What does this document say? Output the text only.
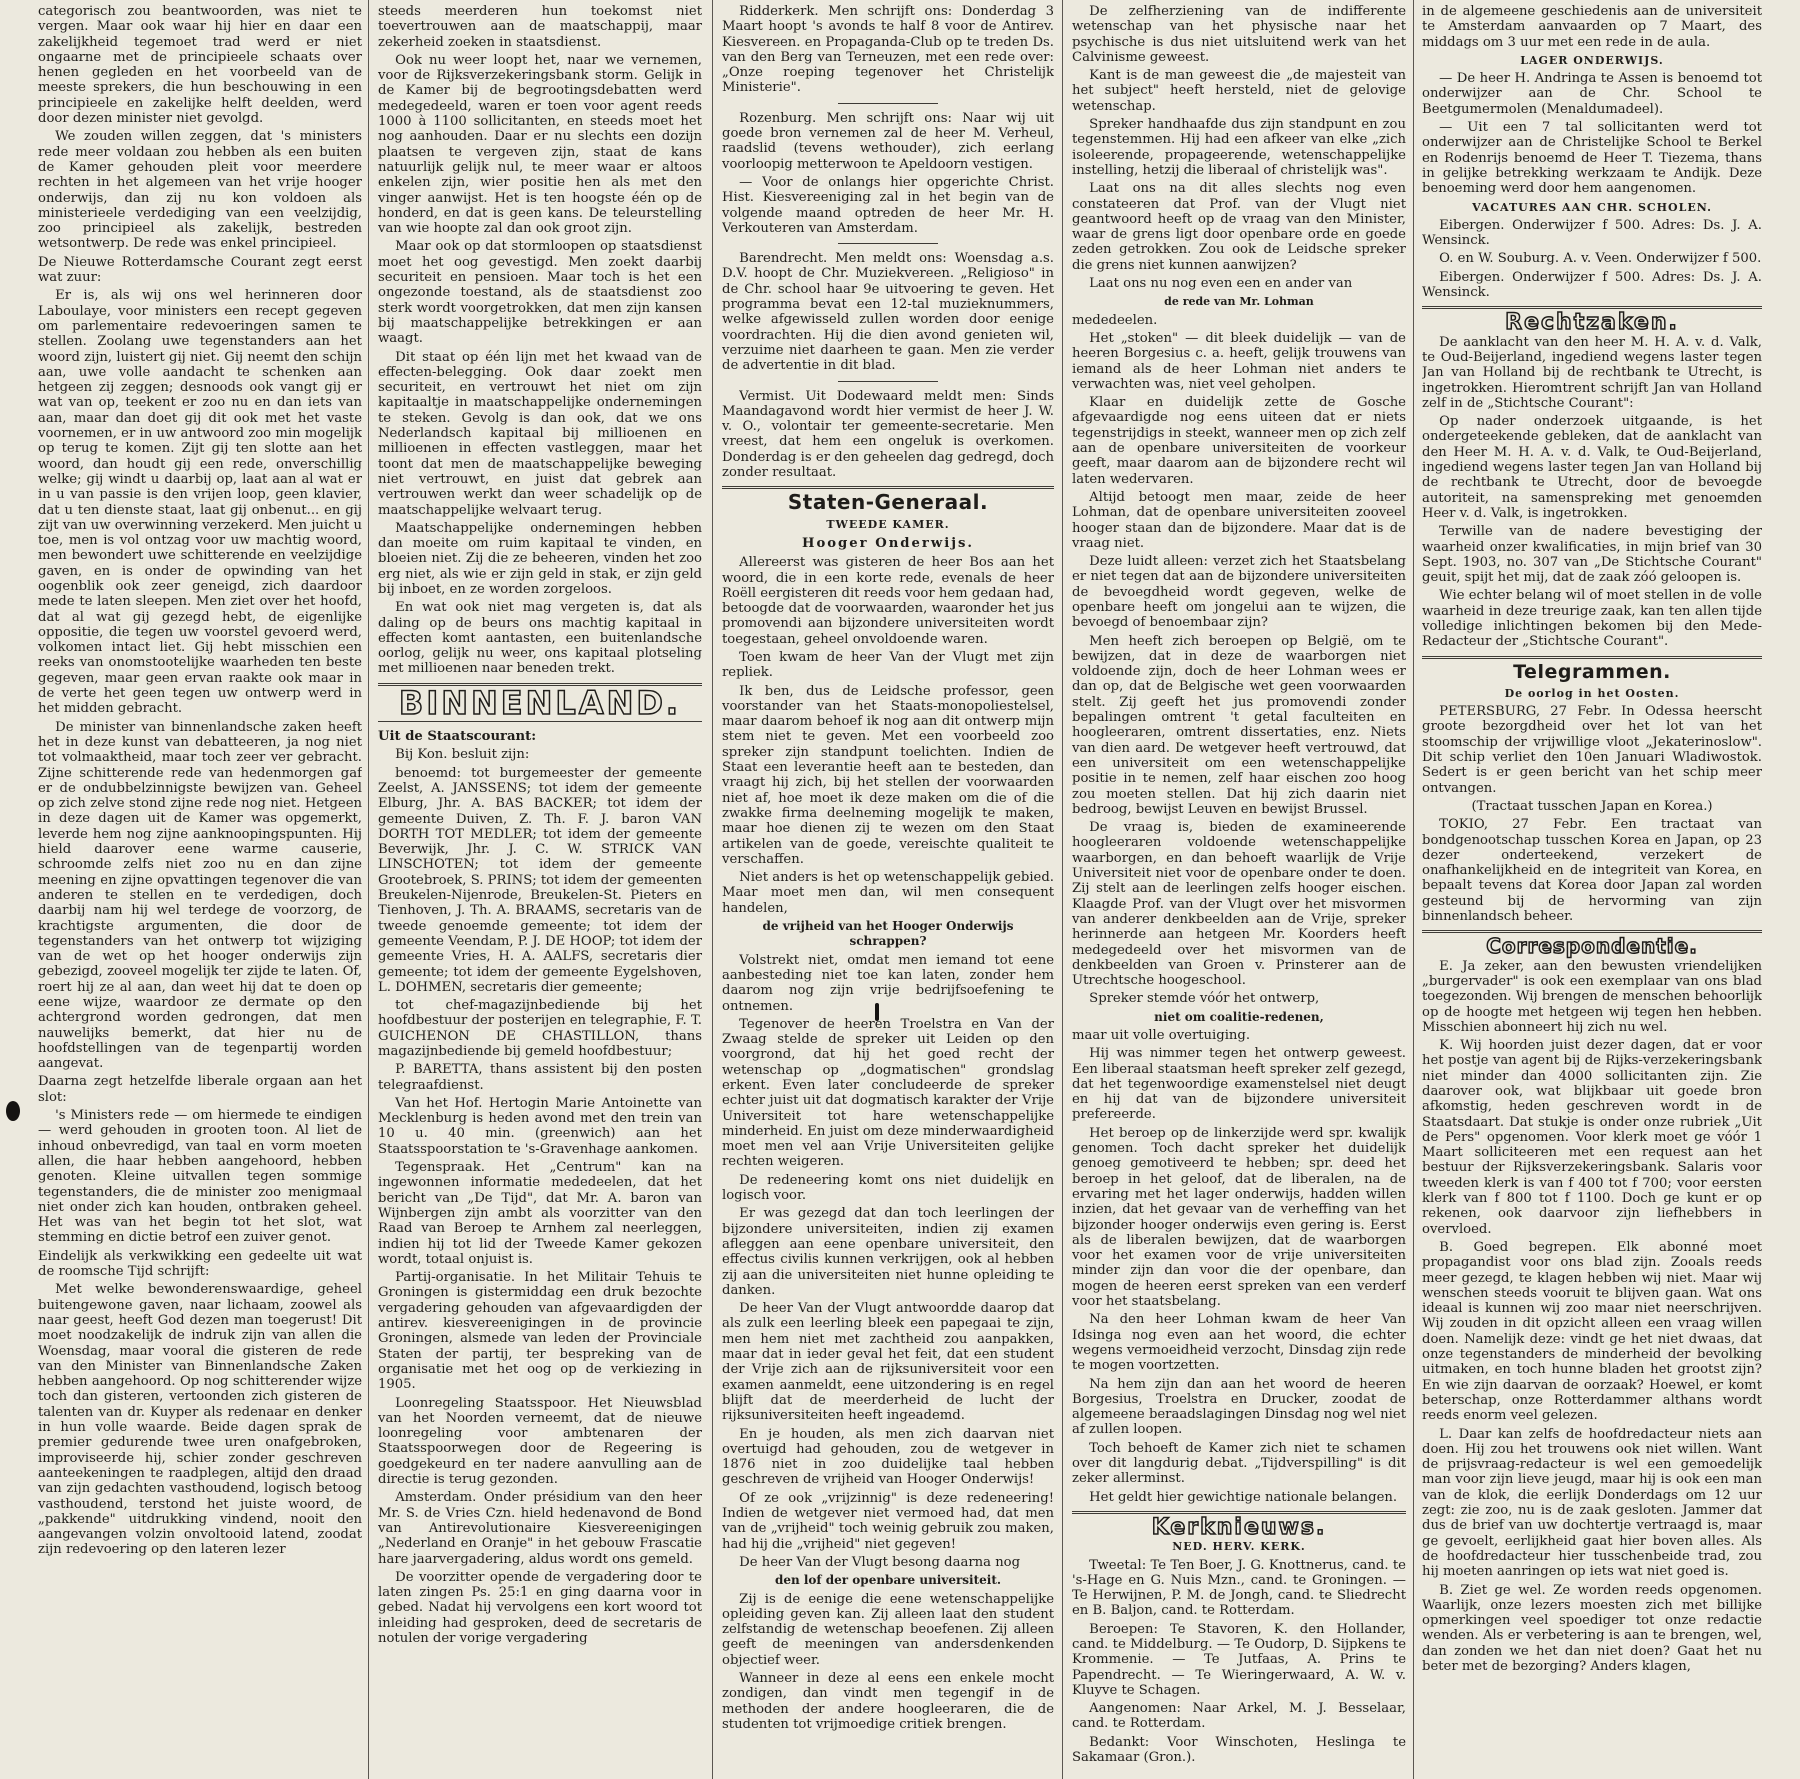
categorisch zou beantwoorden, was niet te vergen. Maar ook waar hij hier en daar een zakelijkheid tegemoet trad werd er niet ongaarne met de principieele schaats over henen gegleden en het voorbeeld van de meeste sprekers, die hun beschouwing in een principieele en zakelijke helft deelden, werd door dezen minister niet gevolgd.

We zouden willen zeggen, dat 's ministers rede meer voldaan zou hebben als een buiten de Kamer gehouden pleit voor meerdere rechten in het algemeen van het vrije hooger onderwijs, dan zij nu kon voldoen als ministerieele verdediging van een veelzijdig, zoo principieel als zakelijk, bestreden wetsontwerp. De rede was enkel principieel.

De Nieuwe Rotterdamsche Courant zegt eerst wat zuur:

Er is, als wij ons wel herinneren door Laboulaye, voor ministers een recept gegeven om parlementaire redevoeringen samen te stellen. Zoolang uwe tegenstanders aan het woord zijn, luistert gij niet. Gij neemt den schijn aan, uwe volle aandacht te schenken aan hetgeen zij zeggen; desnoods ook vangt gij er wat van op, teekent er zoo nu en dan iets van aan, maar dan doet gij dit ook met het vaste voornemen, er in uw antwoord zoo min mogelijk op terug te komen. Zijt gij ten slotte aan het woord, dan houdt gij een rede, onverschillig welke; gij windt u daarbij op, laat aan al wat er in u van passie is den vrijen loop, geen klavier, dat u ten dienste staat, laat gij onbenut... en gij zijt van uw overwinning verzekerd. Men juicht u toe, men is vol ontzag voor uw machtig woord, men bewondert uwe schitterende en veelzijdige gaven, en is onder de opwinding van het oogenblik ook zeer geneigd, zich daardoor mede te laten sleepen. Men ziet over het hoofd, dat al wat gij gezegd hebt, de eigenlijke oppositie, die tegen uw voorstel gevoerd werd, volkomen intact liet. Gij hebt misschien een reeks van onomstootelijke waarheden ten beste gegeven, maar geen ervan raakte ook maar in de verte het geen tegen uw ontwerp werd in het midden gebracht.

De minister van binnenlandsche zaken heeft het in deze kunst van debatteeren, ja nog niet tot volmaaktheid, maar toch zeer ver gebracht. Zijne schitterende rede van hedenmorgen gaf er de ondubbelzinnigste bewijzen van. Geheel op zich zelve stond zijne rede nog niet. Hetgeen in deze dagen uit de Kamer was opgemerkt, leverde hem nog zijne aanknoopingspunten. Hij hield daarover eene warme causerie, schroomde zelfs niet zoo nu en dan zijne meening en zijne opvattingen tegenover die van anderen te stellen en te verdedigen, doch daarbij nam hij wel terdege de voorzorg, de krachtigste argumenten, die door de tegenstanders van het ontwerp tot wijziging van de wet op het hooger onderwijs zijn gebezigd, zooveel mogelijk ter zijde te laten. Of, roert hij ze al aan, dan weet hij dat te doen op eene wijze, waardoor ze dermate op den achtergrond worden gedrongen, dat men nauwelijks bemerkt, dat hier nu de hoofdstellingen van de tegenpartij worden aangevat.

Daarna zegt hetzelfde liberale orgaan aan het slot:

's Ministers rede — om hiermede te eindigen — werd gehouden in grooten toon. Al liet de inhoud onbevredigd, van taal en vorm moeten allen, die haar hebben aangehoord, hebben genoten. Kleine uitvallen tegen sommige tegenstanders, die de minister zoo menigmaal niet onder zich kan houden, ontbraken geheel. Het was van het begin tot het slot, wat stemming en dictie betrof een zuiver genot.

Eindelijk als verkwikking een gedeelte uit wat de roomsche Tijd schrijft:

Met welke bewonderenswaardige, geheel buitengewone gaven, naar lichaam, zoowel als naar geest, heeft God dezen man toegerust! Dit moet noodzakelijk de indruk zijn van allen die Woensdag, maar vooral die gisteren de rede van den Minister van Binnenlandsche Zaken hebben aangehoord. Op nog schitterender wijze toch dan gisteren, vertoonden zich gisteren de talenten van dr. Kuyper als redenaar en denker in hun volle waarde. Beide dagen sprak de premier gedurende twee uren onafgebroken, improviseerde hij, schier zonder geschreven aanteekeningen te raadplegen, altijd den draad van zijn gedachten vasthoudend, logisch betoog vasthoudend, terstond het juiste woord, de „pakkende" uitdrukking vindend, nooit den aangevangen volzin onvoltooid latend, zoodat zijn redevoering op den lateren lezer

steeds meerderen hun toekomst niet toevertrouwen aan de maatschappij, maar zekerheid zoeken in staatsdienst.

Ook nu weer loopt het, naar we vernemen, voor de Rijksverzekeringsbank storm. Gelijk in de Kamer bij de begrootingsdebatten werd medegedeeld, waren er toen voor agent reeds 1000 à 1100 sollicitanten, en steeds moet het nog aanhouden. Daar er nu slechts een dozijn plaatsen te vergeven zijn, staat de kans natuurlijk gelijk nul, te meer waar er altoos enkelen zijn, wier positie hen als met den vinger aanwijst. Het is ten hoogste één op de honderd, en dat is geen kans. De teleurstelling van wie hoopte zal dan ook groot zijn.

Maar ook op dat stormloopen op staatsdienst moet het oog gevestigd. Men zoekt daarbij securiteit en pensioen. Maar toch is het een ongezonde toestand, als de staatsdienst zoo sterk wordt voorgetrokken, dat men zijn kansen bij maatschappelijke betrekkingen er aan waagt.

Dit staat op één lijn met het kwaad van de effecten-belegging. Ook daar zoekt men securiteit, en vertrouwt het niet om zijn kapitaaltje in maatschappelijke ondernemingen te steken. Gevolg is dan ook, dat we ons Nederlandsch kapitaal bij millioenen en millioenen in effecten vastleggen, maar het toont dat men de maatschappelijke beweging niet vertrouwt, en juist dat gebrek aan vertrouwen werkt dan weer schadelijk op de maatschappelijke welvaart terug.

Maatschappelijke ondernemingen hebben dan moeite om ruim kapitaal te vinden, en bloeien niet. Zij die ze beheeren, vinden het zoo erg niet, als wie er zijn geld in stak, er zijn geld bij inboet, en ze worden zorgeloos.

En wat ook niet mag vergeten is, dat als daling op de beurs ons machtig kapitaal in effecten komt aantasten, een buitenlandsche oorlog, gelijk nu weer, ons kapitaal plotseling met millioenen naar beneden trekt.

BINNENLAND.

Uit de Staatscourant:

Bij Kon. besluit zijn:

benoemd: tot burgemeester der gemeente Zeelst, A. JANSSENS; tot idem der gemeente Elburg, Jhr. A. BAS BACKER; tot idem der gemeente Duiven, Z. Th. F. J. baron VAN DORTH TOT MEDLER; tot idem der gemeente Beverwijk, Jhr. J. C. W. STRICK VAN LINSCHOTEN; tot idem der gemeente Grootebroek, S. PRINS; tot idem der gemeenten Breukelen-Nijenrode, Breukelen-St. Pieters en Tienhoven, J. Th. A. BRAAMS, secretaris van de tweede genoemde gemeente; tot idem der gemeente Veendam, P. J. DE HOOP; tot idem der gemeente Vries, H. A. AALFS, secretaris dier gemeente; tot idem der gemeente Eygelshoven, L. DOHMEN, secretaris dier gemeente;

tot chef-magazijnbediende bij het hoofdbestuur der posterijen en telegraphie, F. T. GUICHENON DE CHASTILLON, thans magazijnbediende bij gemeld hoofdbestuur;

P. BARETTA, thans assistent bij den posten telegraafdienst.

Van het Hof. Hertogin Marie Antoinette van Mecklenburg is heden avond met den trein van 10 u. 40 min. (greenwich) aan het Staatsspoorstation te 's-Gravenhage aankomen.

Tegenspraak. Het „Centrum" kan na ingewonnen informatie mededeelen, dat het bericht van „De Tijd", dat Mr. A. baron van Wijnbergen zijn ambt als voorzitter van den Raad van Beroep te Arnhem zal neerleggen, indien hij tot lid der Tweede Kamer gekozen wordt, totaal onjuist is.

Partij-organisatie. In het Militair Tehuis te Groningen is gistermiddag een druk bezochte vergadering gehouden van afgevaardigden der antirev. kiesvereenigingen in de provincie Groningen, alsmede van leden der Provinciale Staten der partij, ter bespreking van de organisatie met het oog op de verkiezing in 1905.

Loonregeling Staatsspoor. Het Nieuwsblad van het Noorden verneemt, dat de nieuwe loonregeling voor ambtenaren der Staatsspoorwegen door de Regeering is goedgekeurd en ter nadere aanvulling aan de directie is terug gezonden.

Amsterdam. Onder présidium van den heer Mr. S. de Vries Czn. hield hedenavond de Bond van Antirevolutionaire Kiesvereenigingen „Nederland en Oranje" in het gebouw Frascatie hare jaarvergadering, aldus wordt ons gemeld.

De voorzitter opende de vergadering door te laten zingen Ps. 25:1 en ging daarna voor in gebed. Nadat hij vervolgens een kort woord tot inleiding had gesproken, deed de secretaris de notulen der vorige vergadering

Ridderkerk. Men schrijft ons: Donderdag 3 Maart hoopt 's avonds te half 8 voor de Antirev. Kiesvereen. en Propaganda-Club op te treden Ds. van den Berg van Terneuzen, met een rede over: „Onze roeping tegenover het Christelijk Ministerie".

Rozenburg. Men schrijft ons: Naar wij uit goede bron vernemen zal de heer M. Verheul, raadslid (tevens wethouder), zich eerlang voorloopig metterwoon te Apeldoorn vestigen.

— Voor de onlangs hier opgerichte Christ. Hist. Kiesvereeniging zal in het begin van de volgende maand optreden de heer Mr. H. Verkouteren van Amsterdam.

Barendrecht. Men meldt ons: Woensdag a.s. D.V. hoopt de Chr. Muziekvereen. „Religioso" in de Chr. school haar 9e uitvoering te geven. Het programma bevat een 12-tal muzieknummers, welke afgewisseld zullen worden door eenige voordrachten. Hij die dien avond genieten wil, verzuime niet daarheen te gaan. Men zie verder de advertentie in dit blad.

Vermist. Uit Dodewaard meldt men: Sinds Maandagavond wordt hier vermist de heer J. W. v. O., volontair ter gemeente-secretarie. Men vreest, dat hem een ongeluk is overkomen. Donderdag is er den geheelen dag gedregd, doch zonder resultaat.

Staten-Generaal.
TWEEDE KAMER.
Hooger Onderwijs.

Allereerst was gisteren de heer Bos aan het woord, die in een korte rede, evenals de heer Roëll eergisteren dit reeds voor hem gedaan had, betoogde dat de voorwaarden, waaronder het jus promovendi aan bijzondere universiteiten wordt toegestaan, geheel onvoldoende waren.

Toen kwam de heer Van der Vlugt met zijn repliek.

Ik ben, dus de Leidsche professor, geen voorstander van het Staats-monopoliestelsel, maar daarom behoef ik nog aan dit ontwerp mijn stem niet te geven. Met een voorbeeld zoo spreker zijn standpunt toelichten. Indien de Staat een leverantie heeft aan te besteden, dan vraagt hij zich, bij het stellen der voorwaarden niet af, hoe moet ik deze maken om die of die zwakke firma deelneming mogelijk te maken, maar hoe dienen zij te wezen om den Staat artikelen van de goede, vereischte qualiteit te verschaffen.

Niet anders is het op wetenschappelijk gebied. Maar moet men dan, wil men consequent handelen,

de vrijheid van het Hooger Onderwijs schrappen?

Volstrekt niet, omdat men iemand tot eene aanbesteding niet toe kan laten, zonder hem daarom nog zijn vrije bedrijfsoefening te ontnemen.

Tegenover de heeren Troelstra en Van der Zwaag stelde de spreker uit Leiden op den voorgrond, dat hij het goed recht der wetenschap op „dogmatischen" grondslag erkent. Even later concludeerde de spreker echter juist uit dat dogmatisch karakter der Vrije Universiteit tot hare wetenschappelijke minderheid. En juist om deze minderwaardigheid moet men vel aan Vrije Universiteiten gelijke rechten weigeren.

De redeneering komt ons niet duidelijk en logisch voor.

Er was gezegd dat dan toch leerlingen der bijzondere universiteiten, indien zij examen afleggen aan eene openbare universiteit, den effectus civilis kunnen verkrijgen, ook al hebben zij aan die universiteiten niet hunne opleiding te danken.

De heer Van der Vlugt antwoordde daarop dat als zulk een leerling bleek een papegaai te zijn, men hem niet met zachtheid zou aanpakken, maar dat in ieder geval het feit, dat een student der Vrije zich aan de rijksuniversiteit voor een examen aanmeldt, eene uitzondering is en regel blijft dat de meerderheid de lucht der rijksuniversiteiten heeft ingeademd.

En je houden, als men zich daarvan niet overtuigd had gehouden, zou de wetgever in 1876 niet in zoo duidelijke taal hebben geschreven de vrijheid van Hooger Onderwijs!

Of ze ook „vrijzinnig" is deze redeneering! Indien de wetgever niet vermoed had, dat men van de „vrijheid" toch weinig gebruik zou maken, had hij die „vrijheid" niet gegeven!

De heer Van der Vlugt besong daarna nog

den lof der openbare universiteit.

Zij is de eenige die eene wetenschappelijke opleiding geven kan. Zij alleen laat den student zelfstandig de wetenschap beoefenen. Zij alleen geeft de meeningen van andersdenkenden objectief weer.

Wanneer in deze al eens een enkele mocht zondigen, dan vindt men tegengif in de methoden der andere hoogleeraren, die de studenten tot vrijmoedige critiek brengen.

De zelfherziening van de indifferente wetenschap van het physische naar het psychische is dus niet uitsluitend werk van het Calvinisme geweest.

Kant is de man geweest die „de majesteit van het subject" heeft hersteld, niet de gelovige wetenschap.

Spreker handhaafde dus zijn standpunt en zou tegenstemmen. Hij had een afkeer van elke „zich isoleerende, propageerende, wetenschappelijke instelling, hetzij die liberaal of christelijk was".

Laat ons na dit alles slechts nog even constateeren dat Prof. van der Vlugt niet geantwoord heeft op de vraag van den Minister, waar de grens ligt door openbare orde en goede zeden getrokken. Zou ook de Leidsche spreker die grens niet kunnen aanwijzen?

Laat ons nu nog even een en ander van

de rede van Mr. Lohman

mededeelen.

Het „stoken" — dit bleek duidelijk — van de heeren Borgesius c. a. heeft, gelijk trouwens van iemand als de heer Lohman niet anders te verwachten was, niet veel geholpen.

Klaar en duidelijk zette de Gosche afgevaardigde nog eens uiteen dat er niets tegenstrijdigs in steekt, wanneer men op zich zelf aan de openbare universiteiten de voorkeur geeft, maar daarom aan de bijzondere recht wil laten wedervaren.

Altijd betoogt men maar, zeide de heer Lohman, dat de openbare universiteiten zooveel hooger staan dan de bijzondere. Maar dat is de vraag niet.

Deze luidt alleen: verzet zich het Staatsbelang er niet tegen dat aan de bijzondere universiteiten de bevoegdheid wordt gegeven, welke de openbare heeft om jongelui aan te wijzen, die bevoegd of benoembaar zijn?

Men heeft zich beroepen op België, om te bewijzen, dat in deze de waarborgen niet voldoende zijn, doch de heer Lohman wees er dan op, dat de Belgische wet geen voorwaarden stelt. Zij geeft het jus promovendi zonder bepalingen omtrent 't getal faculteiten en hoogleeraren, omtrent dissertaties, enz. Niets van dien aard. De wetgever heeft vertrouwd, dat een universiteit om een wetenschappelijke positie in te nemen, zelf haar eischen zoo hoog zou moeten stellen. Dat hij zich daarin niet bedroog, bewijst Leuven en bewijst Brussel.

De vraag is, bieden de examineerende hoogleeraren voldoende wetenschappelijke waarborgen, en dan behoeft waarlijk de Vrije Universiteit niet voor de openbare onder te doen. Zij stelt aan de leerlingen zelfs hooger eischen. Klaagde Prof. van der Vlugt over het misvormen van anderer denkbeelden aan de Vrije, spreker herinnerde aan hetgeen Mr. Koorders heeft medegedeeld over het misvormen van de denkbeelden van Groen v. Prinsterer aan de Utrechtsche hoogeschool.

Spreker stemde vóór het ontwerp,

niet om coalitie-redenen,

maar uit volle overtuiging.

Hij was nimmer tegen het ontwerp geweest. Een liberaal staatsman heeft spreker zelf gezegd, dat het tegenwoordige examenstelsel niet deugt en hij dat van de bijzondere universiteit prefereerde.

Het beroep op de linkerzijde werd spr. kwalijk genomen. Toch dacht spreker het duidelijk genoeg gemotiveerd te hebben; spr. deed het beroep in het geloof, dat de liberalen, na de ervaring met het lager onderwijs, hadden willen inzien, dat het gevaar van de verheffing van het bijzonder hooger onderwijs even gering is. Eerst als de liberalen bewijzen, dat de waarborgen voor het examen voor de vrije universiteiten minder zijn dan voor die der openbare, dan mogen de heeren eerst spreken van een verderf voor het staatsbelang.

Na den heer Lohman kwam de heer Van Idsinga nog even aan het woord, die echter wegens vermoeidheid verzocht, Dinsdag zijn rede te mogen voortzetten.

Na hem zijn dan aan het woord de heeren Borgesius, Troelstra en Drucker, zoodat de algemeene beraadslagingen Dinsdag nog wel niet af zullen loopen.

Toch behoeft de Kamer zich niet te schamen over dit langdurig debat. „Tijdverspilling" is dit zeker allerminst.

Het geldt hier gewichtige nationale belangen.

Kerknieuws.
NED. HERV. KERK.

Tweetal: Te Ten Boer, J. G. Knottnerus, cand. te 's-Hage en G. Nuis Mzn., cand. te Groningen. — Te Herwijnen, P. M. de Jongh, cand. te Sliedrecht en B. Baljon, cand. te Rotterdam.

Beroepen: Te Stavoren, K. den Hollander, cand. te Middelburg. — Te Oudorp, D. Sijpkens te Krommenie. — Te Jutfaas, A. Prins te Papendrecht. — Te Wieringerwaard, A. W. v. Kluyve te Schagen.

Aangenomen: Naar Arkel, M. J. Besselaar, cand. te Rotterdam.

Bedankt: Voor Winschoten, Heslinga te Sakamaar (Gron.).

in de algemeene geschiedenis aan de universiteit te Amsterdam aanvaarden op 7 Maart, des middags om 3 uur met een rede in de aula.

LAGER ONDERWIJS.

— De heer H. Andringa te Assen is benoemd tot onderwijzer aan de Chr. School te Beetgumermolen (Menaldumadeel).

— Uit een 7 tal sollicitanten werd tot onderwijzer aan de Christelijke School te Berkel en Rodenrijs benoemd de Heer T. Tiezema, thans in gelijke betrekking werkzaam te Andijk. Deze benoeming werd door hem aangenomen.

VACATURES AAN CHR. SCHOLEN.

Eibergen. Onderwijzer f 500. Adres: Ds. J. A. Wensinck.

O. en W. Souburg. A. v. Veen. Onderwijzer f 500.

Eibergen. Onderwijzer f 500. Adres: Ds. J. A. Wensinck.

Rechtzaken.

De aanklacht van den heer M. H. A. v. d. Valk, te Oud-Beijerland, ingediend wegens laster tegen Jan van Holland bij de rechtbank te Utrecht, is ingetrokken. Hieromtrent schrijft Jan van Holland zelf in de „Stichtsche Courant":

Op nader onderzoek uitgaande, is het ondergeteekende gebleken, dat de aanklacht van den Heer M. H. A. v. d. Valk, te Oud-Beijerland, ingediend wegens laster tegen Jan van Holland bij de rechtbank te Utrecht, door de bevoegde autoriteit, na samenspreking met genoemden Heer v. d. Valk, is ingetrokken.

Terwille van de nadere bevestiging der waarheid onzer kwalificaties, in mijn brief van 30 Sept. 1903, no. 307 van „De Stichtsche Courant" geuit, spijt het mij, dat de zaak zóó geloopen is.

Wie echter belang wil of moet stellen in de volle waarheid in deze treurige zaak, kan ten allen tijde volledige inlichtingen bekomen bij den Mede-Redacteur der „Stichtsche Courant".

Telegrammen.
De oorlog in het Oosten.

PETERSBURG, 27 Febr. In Odessa heerscht groote bezorgdheid over het lot van het stoomschip der vrijwillige vloot „Jekaterinoslow". Dit schip verliet den 10en Januari Wladiwostok. Sedert is er geen bericht van het schip meer ontvangen.

(Tractaat tusschen Japan en Korea.)

TOKIO, 27 Febr. Een tractaat van bondgenootschap tusschen Korea en Japan, op 23 dezer onderteekend, verzekert de onafhankelijkheid en de integriteit van Korea, en bepaalt tevens dat Korea door Japan zal worden gesteund bij de hervorming van zijn binnenlandsch beheer.

Correspondentie.

E. Ja zeker, aan den bewusten vriendelijken „burgervader" is ook een exemplaar van ons blad toegezonden. Wij brengen de menschen behoorlijk op de hoogte met hetgeen wij tegen hen hebben. Misschien abonneert hij zich nu wel.

K. Wij hoorden juist dezer dagen, dat er voor het postje van agent bij de Rijks-verzekeringsbank niet minder dan 4000 sollicitanten zijn. Zie daarover ook, wat blijkbaar uit goede bron afkomstig, heden geschreven wordt in de Staatsdaart. Dat stukje is onder onze rubriek „Uit de Pers" opgenomen. Voor klerk moet ge vóór 1 Maart solliciteeren met een request aan het bestuur der Rijksverzekeringsbank. Salaris voor tweeden klerk is van f 400 tot f 700; voor eersten klerk van f 800 tot f 1100. Doch ge kunt er op rekenen, ook daarvoor zijn liefhebbers in overvloed.

B. Goed begrepen. Elk abonné moet propagandist voor ons blad zijn. Zooals reeds meer gezegd, te klagen hebben wij niet. Maar wij wenschen steeds vooruit te blijven gaan. Wat ons ideaal is kunnen wij zoo maar niet neerschrijven. Wij zouden in dit opzicht alleen een vraag willen doen. Namelijk deze: vindt ge het niet dwaas, dat onze tegenstanders de minderheid der bevolking uitmaken, en toch hunne bladen het grootst zijn? En wie zijn daarvan de oorzaak? Hoewel, er komt beterschap, onze Rotterdammer althans wordt reeds enorm veel gelezen.

L. Daar kan zelfs de hoofdredacteur niets aan doen. Hij zou het trouwens ook niet willen. Want de prijsvraag-redacteur is wel een gemoedelijk man voor zijn lieve jeugd, maar hij is ook een man van de klok, die eerlijk Donderdags om 12 uur zegt: zie zoo, nu is de zaak gesloten. Jammer dat dus de brief van uw dochtertje vertraagd is, maar ge gevoelt, eerlijkheid gaat hier boven alles. Als de hoofdredacteur hier tusschenbeide trad, zou hij moeten aanringen op iets wat niet goed is.

B. Ziet ge wel. Ze worden reeds opgenomen. Waarlijk, onze lezers moesten zich met billijke opmerkingen veel spoediger tot onze redactie wenden. Als er verbetering is aan te brengen, wel, dan zonden we het dan niet doen? Gaat het nu beter met de bezorging? Anders klagen,
